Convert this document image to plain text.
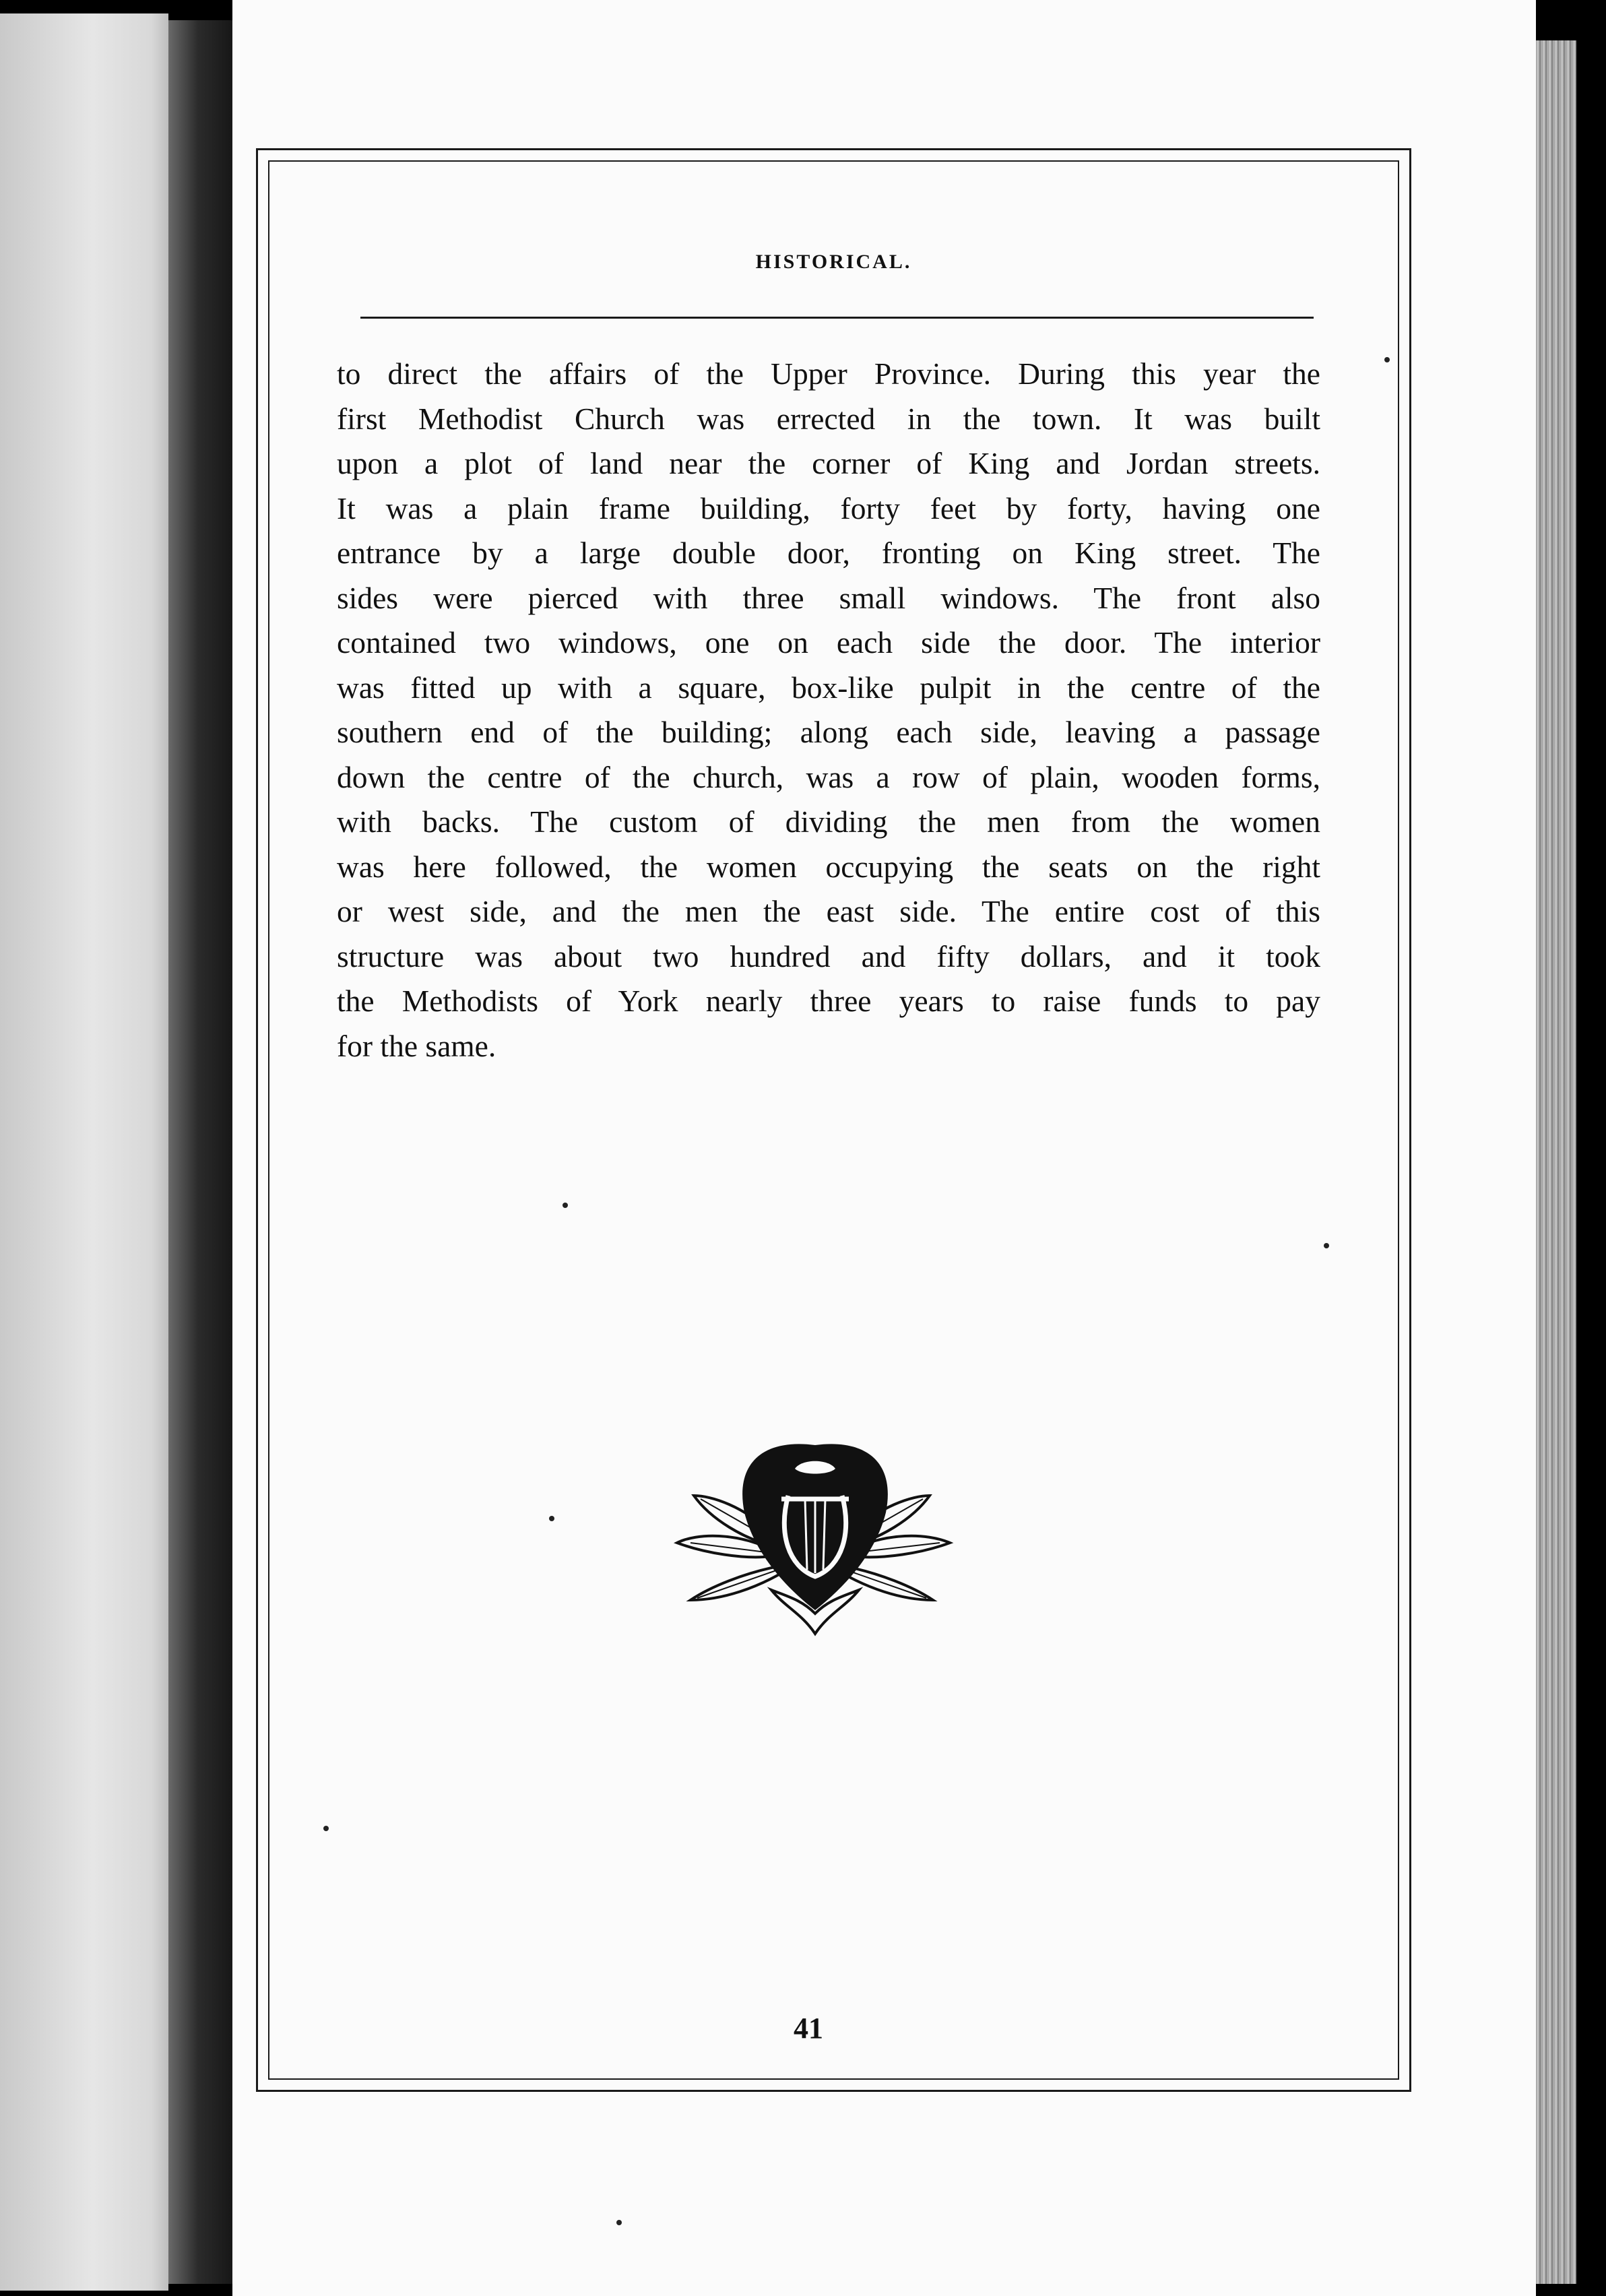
HISTORICAL.
to direct the affairs of the Upper Province. During this year the
first Methodist Church was errected in the town. It was built
upon a plot of land near the corner of King and Jordan streets.
It was a plain frame building, forty feet by forty, having one
entrance by a large double door, fronting on King street. The
sides were pierced with three small windows. The front also
contained two windows, one on each side the door. The interior
was fitted up with a square, box-like pulpit in the centre of the
southern end of the building; along each side, leaving a passage
down the centre of the church, was a row of plain, wooden forms,
with backs. The custom of dividing the men from the women
was here followed, the women occupying the seats on the right
or west side, and the men the east side. The entire cost of this
structure was about two hundred and fifty dollars, and it took
the Methodists of York nearly three years to raise funds to pay
for the same.
41
